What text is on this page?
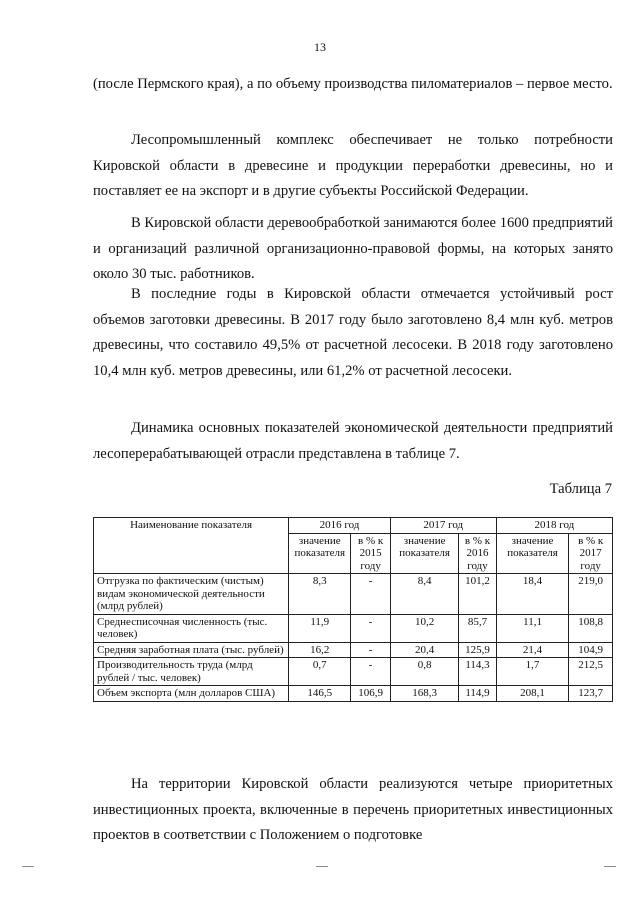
13

(после Пермского края), а по объему производства пиломатериалов – первое место.

Лесопромышленный комплекс обеспечивает не только потребности Кировской области в древесине и продукции переработки древесины, но и поставляет ее на экспорт и в другие субъекты Российской Федерации.

В Кировской области деревообработкой занимаются более 1600 предприятий и организаций различной организационно-правовой формы, на которых занято около 30 тыс. работников.

В последние годы в Кировской области отмечается устойчивый рост объемов заготовки древесины. В 2017 году было заготовлено 8,4 млн куб. метров древесины, что составило 49,5% от расчетной лесосеки. В 2018 году заготовлено 10,4 млн куб. метров древесины, или 61,2% от расчетной лесосеки.

Динамика основных показателей экономической деятельности предприятий лесоперерабатывающей отрасли представлена в таблице 7.

Таблица 7
Наименование показателя	2016 год		2017 год		2018 год	
	значение показателя	в % к 2015 году	значение показателя	в % к 2016 году	значение показателя	в % к 2017 году
Отгрузка по фактическим (чистым) видам экономической деятельности (млрд рублей)	8,3	-	8,4	101,2	18,4	219,0
Среднесписочная численность (тыс. человек)	11,9	-	10,2	85,7	11,1	108,8
Средняя заработная плата (тыс. рублей)	16,2	-	20,4	125,9	21,4	104,9
Производительность труда (млрд рублей / тыс. человек)	0,7	-	0,8	114,3	1,7	212,5
Объем экспорта (млн долларов США)	146,5	106,9	168,3	114,9	208,1	123,7

На территории Кировской области реализуются четыре приоритетных инвестиционных проекта, включенные в перечень приоритетных инвестиционных проектов в соответствии с Положением о подготовке
